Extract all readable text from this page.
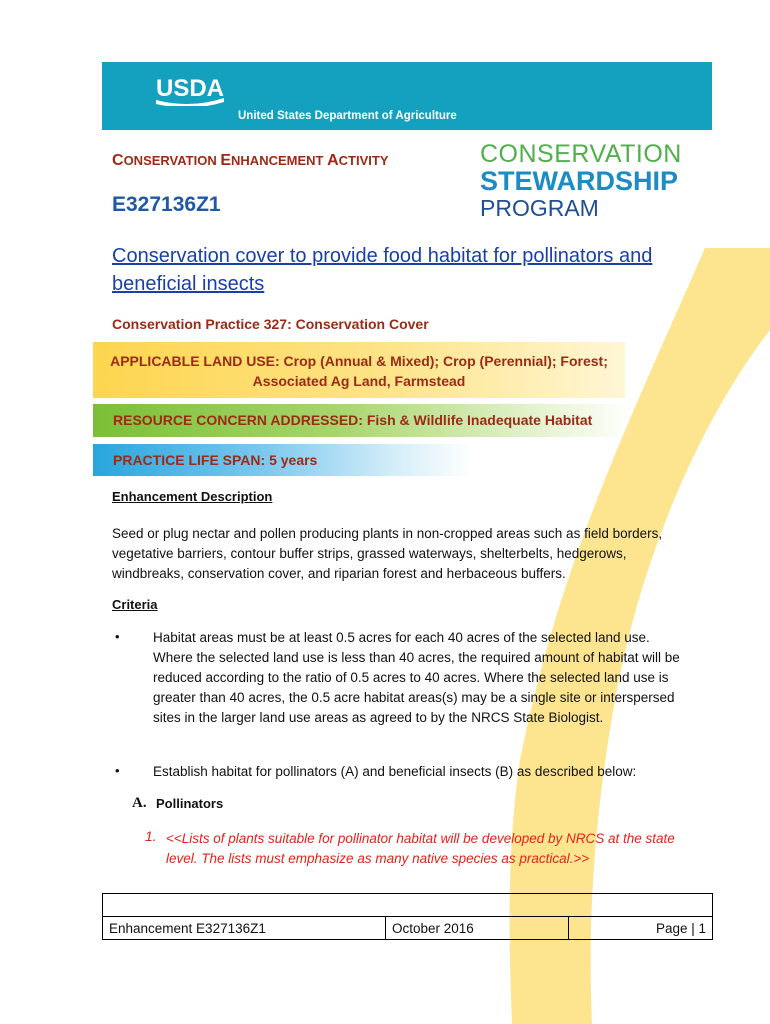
USDA
United States Department of Agriculture
CONSERVATION ENHANCEMENT ACTIVITY
E327136Z1
CONSERVATION
STEWARDSHIP
PROGRAM
Conservation cover to provide food habitat for pollinators and beneficial insects
Conservation Practice 327: Conservation Cover
APPLICABLE LAND USE: Crop (Annual & Mixed); Crop (Perennial); Forest;
Associated Ag Land, Farmstead
RESOURCE CONCERN ADDRESSED: Fish & Wildlife Inadequate Habitat
PRACTICE LIFE SPAN: 5 years
Enhancement Description
Seed or plug nectar and pollen producing plants in non-cropped areas such as field borders, vegetative barriers, contour buffer strips, grassed waterways, shelterbelts, hedgerows, windbreaks, conservation cover, and riparian forest and herbaceous buffers.
Criteria
• Habitat areas must be at least 0.5 acres for each 40 acres of the selected land use. Where the selected land use is less than 40 acres, the required amount of habitat will be reduced according to the ratio of 0.5 acres to 40 acres. Where the selected land use is greater than 40 acres, the 0.5 acre habitat areas(s) may be a single site or interspersed sites in the larger land use areas as agreed to by the NRCS State Biologist.
• Establish habitat for pollinators (A) and beneficial insects (B) as described below:
A. Pollinators
1. <<Lists of plants suitable for pollinator habitat will be developed by NRCS at the state level. The lists must emphasize as many native species as practical.>>

Enhancement E327136Z1	October 2016	Page | 1
